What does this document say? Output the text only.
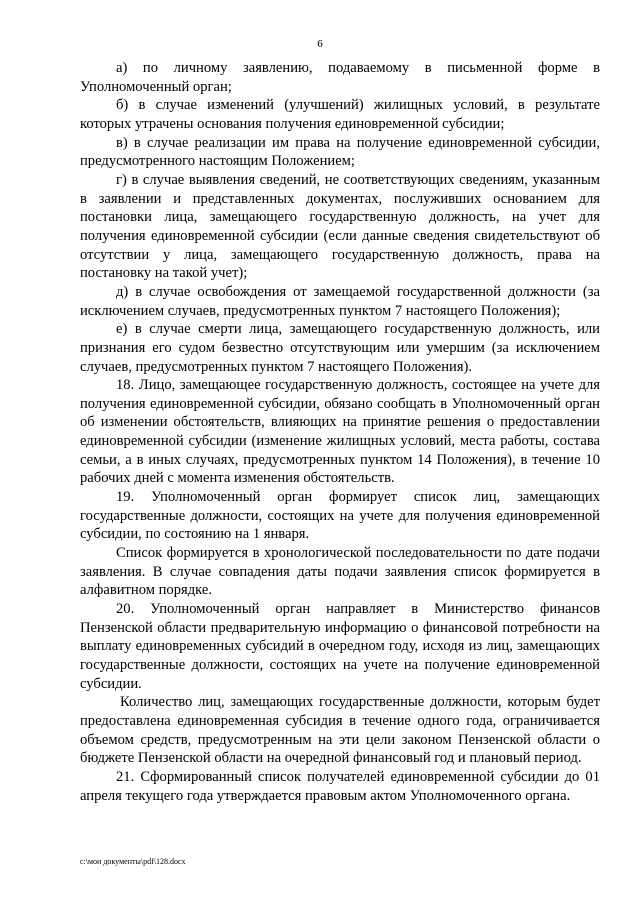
6

а) по личному заявлению, подаваемому в письменной форме в Уполномоченный орган;

б) в случае изменений (улучшений) жилищных условий, в результате которых утрачены основания получения единовременной субсидии;

в) в случае реализации им права на получение единовременной субсидии, предусмотренного настоящим Положением;

г) в случае выявления сведений, не соответствующих сведениям, указанным в заявлении и представленных документах, послуживших основанием для постановки лица, замещающего государственную должность, на учет для получения единовременной субсидии (если данные сведения свидетельствуют об отсутствии у лица, замещающего государственную должность, права на постановку на такой учет);

д) в случае освобождения от замещаемой государственной должности (за исключением случаев, предусмотренных пунктом 7 настоящего Положения);

е) в случае смерти лица, замещающего государственную должность, или признания его судом безвестно отсутствующим или умершим (за исключением случаев, предусмотренных пунктом 7 настоящего Положения).

18. Лицо, замещающее государственную должность, состоящее на учете для получения единовременной субсидии, обязано сообщать в Уполномоченный орган об изменении обстоятельств, влияющих на принятие решения о предоставлении единовременной субсидии (изменение жилищных условий, места работы, состава семьи, а в иных случаях, предусмотренных пунктом 14 Положения), в течение 10 рабочих дней с момента изменения обстоятельств.

19. Уполномоченный орган формирует список лиц, замещающих государственные должности, состоящих на учете для получения единовременной субсидии, по состоянию на 1 января.

Список формируется в хронологической последовательности по дате подачи заявления. В случае совпадения даты подачи заявления список формируется в алфавитном порядке.

20. Уполномоченный орган направляет в Министерство финансов Пензенской области предварительную информацию о финансовой потребности на выплату единовременных субсидий в очередном году, исходя из лиц, замещающих государственные должности, состоящих на учете на получение единовременной субсидии.

Количество лиц, замещающих государственные должности, которым будет предоставлена единовременная субсидия в течение одного года, ограничивается объемом средств, предусмотренным на эти цели законом Пензенской области о бюджете Пензенской области на очередной финансовый год и плановый период.

21. Сформированный список получателей единовременной субсидии до 01 апреля текущего года утверждается правовым актом Уполномоченного органа.

c:\мои документы\pdf\128.docx
